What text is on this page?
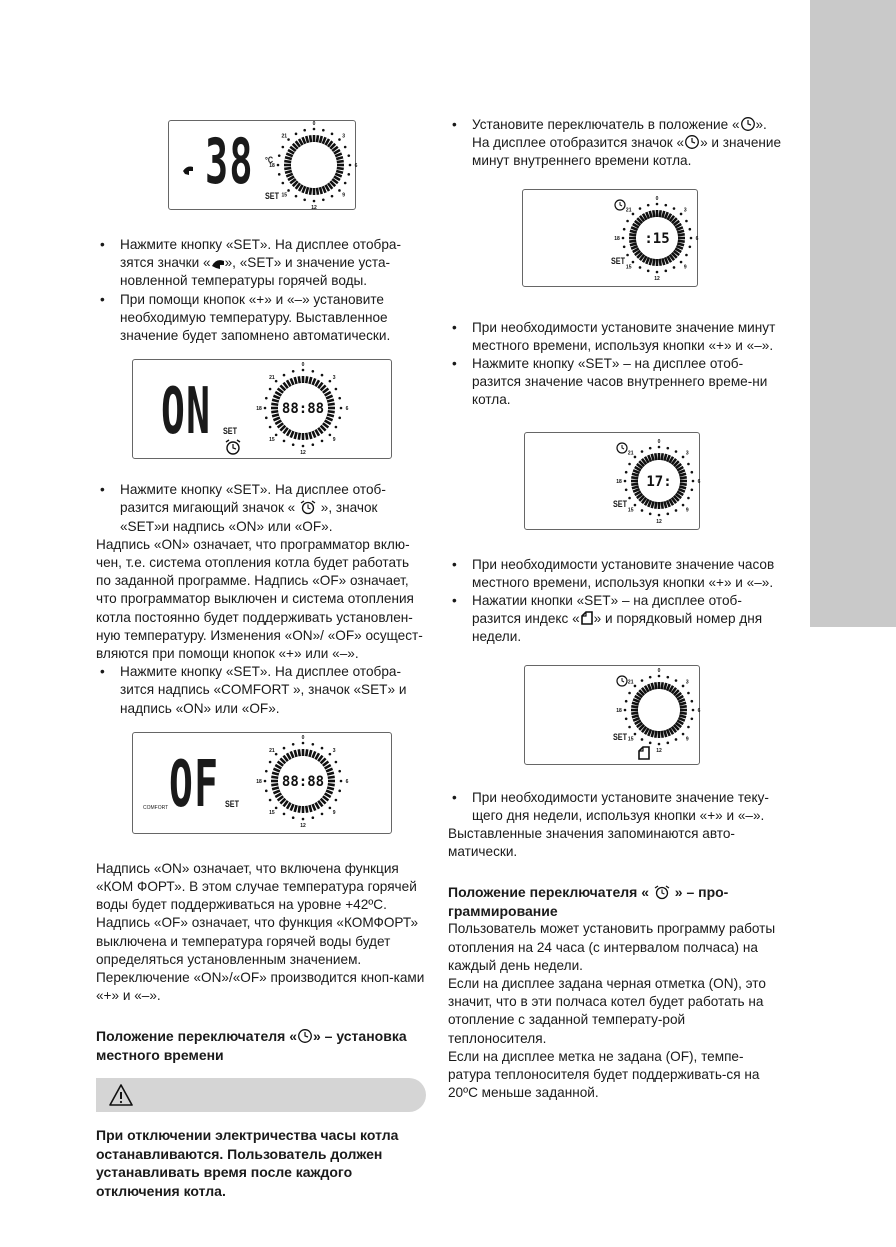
38 °C
SET
0
3
6
9
12
15
18
21
• Нажмите кнопку «SET». На дисплее отобра-зятся значки « », «SET» и значение уста-новленной температуры горячей воды.
• При помощи кнопок «+» и «–» установите необходимую температуру. Выставленное значение будет запомнено автоматически.
ON SET
0
3
6
9
12
15
18
21
88:88
• Нажмите кнопку «SET». На дисплее отоб-разится мигающий значок «  », значок «SET»и надпись «ON» или «OF».

Надпись «ON» означает, что программатор вклю-чен, т.е. система отопления котла будет работать по заданной программе. Надпись «OF» означает, что программатор выключен и система отопления котла постоянно будет поддерживать установлен-ную температуру. Изменения «ON»/ «OF» осущест-вляются при помощи кнопок «+» или «–».

• Нажмите кнопку «SET». На дисплее отобра-зится надпись «COMFORT », значок «SET» и надпись «ON» или «OF».
COMFORT OF SET
0
3
6
9
12
15
18
21
88:88

Надпись «ON» означает, что включена функция «КОМ ФОРТ». В этом случае температура горячей воды будет поддерживаться на уровне +42ºС. Надпись «OF» означает, что функция «КОМФОРТ» выключена и температура горячей воды будет определяться установленным значением. Переключение «ON»/«OF» производится кноп-ками «+» и «–».

Положение переключателя « » – установка местного времени

При отключении электричества часы котла останавливаются. Пользователь должен устанавливать время после каждого отключения котла.

• Установите переключатель в положение « ». На дисплее отобразится значок « » и значение минут внутреннего времени котла.
SET
0
3
6
9
12
15
18
21
:15
• При необходимости установите значение минут местного времени, используя кнопки «+» и «–».
• Нажмите кнопку «SET» – на дисплее отоб-разится значение часов внутреннего време-ни котла.
SET
0
3
6
9
12
15
18
21
17:
• При необходимости установите значение часов местного времени, используя кнопки «+» и «–».
• Нажатии кнопки «SET» – на дисплее отоб-разится индекс « » и порядковый номер дня недели.
SET
0
3
6
9
12
15
18
21
• При необходимости установите значение теку-щего дня недели, используя кнопки «+» и «–».

Выставленные значения запоминаются авто-матически.

Положение переключателя «  » – про-граммирование

Пользователь может установить программу работы отопления на 24 часа (с интервалом полчаса) на каждый день недели.

Если на дисплее задана черная отметка (ON), это значит, что в эти полчаса котел будет работать на отопление с заданной температу-рой теплоносителя.

Если на дисплее метка не задана (OF), темпе-ратура теплоносителя будет поддерживать-ся на 20ºС меньше заданной.
